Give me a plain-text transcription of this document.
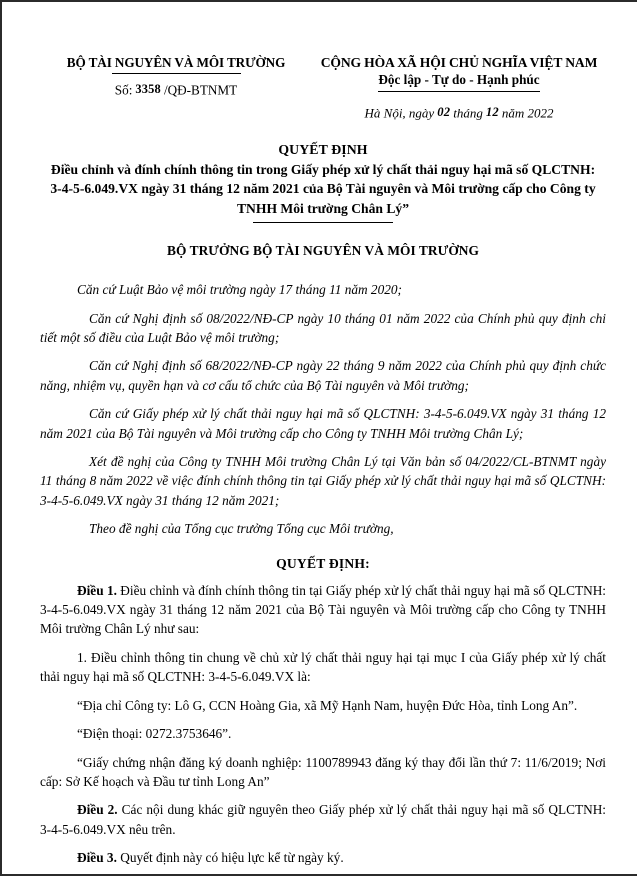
BỘ TÀI NGUYÊN VÀ MÔI TRƯỜNG
Số: 3358 /QĐ-BTNMT
CỘNG HÒA XÃ HỘI CHỦ NGHĨA VIỆT NAM
Độc lập - Tự do - Hạnh phúc
Hà Nội, ngày 02 tháng 12 năm 2022
QUYẾT ĐỊNH
Điều chỉnh và đính chính thông tin trong Giấy phép xử lý chất thải nguy hại mã số QLCTNH: 3-4-5-6.049.VX ngày 31 tháng 12 năm 2021 của Bộ Tài nguyên và Môi trường cấp cho Công ty TNHH Môi trường Chân Lý”
BỘ TRƯỞNG BỘ TÀI NGUYÊN VÀ MÔI TRƯỜNG

Căn cứ Luật Bảo vệ môi trường ngày 17 tháng 11 năm 2020;

Căn cứ Nghị định số 08/2022/NĐ-CP ngày 10 tháng 01 năm 2022 của Chính phủ quy định chi tiết một số điều của Luật Bảo vệ môi trường;

Căn cứ Nghị định số 68/2022/NĐ-CP ngày 22 tháng 9 năm 2022 của Chính phủ quy định chức năng, nhiệm vụ, quyền hạn và cơ cấu tổ chức của Bộ Tài nguyên và Môi trường;

Căn cứ Giấy phép xử lý chất thải nguy hại mã số QLCTNH: 3-4-5-6.049.VX ngày 31 tháng 12 năm 2021 của Bộ Tài nguyên và Môi trường cấp cho Công ty TNHH Môi trường Chân Lý;

Xét đề nghị của Công ty TNHH Môi trường Chân Lý tại Văn bản số 04/2022/CL-BTNMT ngày 11 tháng 8 năm 2022 về việc đính chính thông tin tại Giấy phép xử lý chất thải nguy hại mã số QLCTNH: 3-4-5-6.049.VX ngày 31 tháng 12 năm 2021;

Theo đề nghị của Tổng cục trưởng Tổng cục Môi trường,

QUYẾT ĐỊNH:

Điều 1. Điều chỉnh và đính chính thông tin tại Giấy phép xử lý chất thải nguy hại mã số QLCTNH: 3-4-5-6.049.VX ngày 31 tháng 12 năm 2021 của Bộ Tài nguyên và Môi trường cấp cho Công ty TNHH Môi trường Chân Lý như sau:

1. Điều chỉnh thông tin chung về chủ xử lý chất thải nguy hại tại mục I của Giấy phép xử lý chất thải nguy hại mã số QLCTNH: 3-4-5-6.049.VX là:

“Địa chỉ Công ty: Lô G, CCN Hoàng Gia, xã Mỹ Hạnh Nam, huyện Đức Hòa, tỉnh Long An”.

“Điện thoại: 0272.3753646”.

“Giấy chứng nhận đăng ký doanh nghiệp: 1100789943 đăng ký thay đổi lần thứ 7: 11/6/2019; Nơi cấp: Sở Kế hoạch và Đầu tư tỉnh Long An”

Điều 2. Các nội dung khác giữ nguyên theo Giấy phép xử lý chất thải nguy hại mã số QLCTNH: 3-4-5-6.049.VX nêu trên.

Điều 3. Quyết định này có hiệu lực kể từ ngày ký.
